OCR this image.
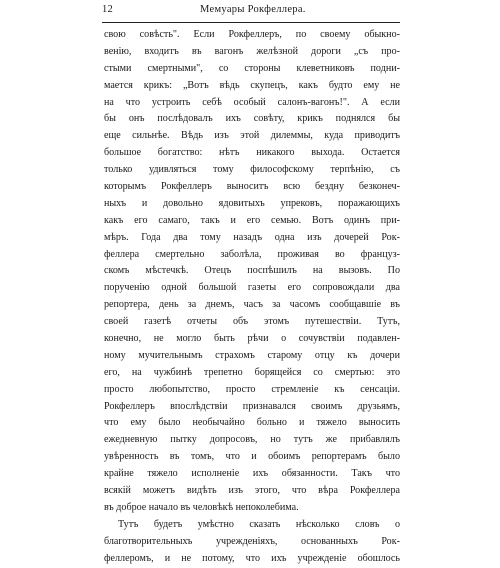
12	Мемуары Рокфеллера.
свою совѣсть". Если Рокфеллеръ, по своему обыкно-
венію, входитъ въ вагонъ желѣзной дороги „съ про-
стыми смертными", со стороны клеветниковъ подни-
мается крикъ: „Вотъ вѣдь скупецъ, какъ будто ему не
на что устроить себѣ особый салонъ-вагонъ!". А если
бы онъ послѣдовалъ ихъ совѣту, крикъ поднялся бы
еще сильнѣе. Вѣдь изъ этой дилеммы, куда приводитъ
большое богатство: нѣтъ никакого выхода. Остается
только удивляться тому философскому терпѣнію, съ
которымъ Рокфеллеръ выноситъ всю бездну безконеч-
ныхъ и довольно ядовитыхъ упрековъ, поражающихъ
какъ его самаго, такъ и его семью. Вотъ одинъ при-
мѣръ. Года два тому назадъ одна изъ дочерей Рок-
феллера смертельно заболѣла, проживая во француз-
скомъ мѣстечкѣ. Отецъ поспѣшилъ на вызовъ. По
порученію одной большой газеты его сопровождали два
репортера, день за днемъ, часъ за часомъ сообщавшіе въ
своей газетѣ отчеты объ этомъ путешествіи. Тутъ,
конечно, не могло быть рѣчи о сочувствіи подавлен-
ному мучительнымъ страхомъ старому отцу къ дочери
его, на чужбинѣ трепетно борящейся со смертью: это
просто любопытство, просто стремленіе къ сенсаціи.
Рокфеллеръ впослѣдствіи признавался своимъ друзьямъ,
что ему было необычайно больно и тяжело выносить
ежедневную пытку допросовъ, но тутъ же прибавлялъ
увѣренность въ томъ, что и обоимъ репортерамъ было
крайне тяжело исполненіе ихъ обязанности. Такъ что
всякій можетъ видѣть изъ этого, что вѣра Рокфеллера
въ доброе начало въ человѣкѣ непоколебима.
Тутъ будетъ умѣстно сказать нѣсколько словъ о
благотворительныхъ учрежденіяхъ, основанныхъ Рок-
феллеромъ, и не потому, что ихъ учрежденіе обошлось
